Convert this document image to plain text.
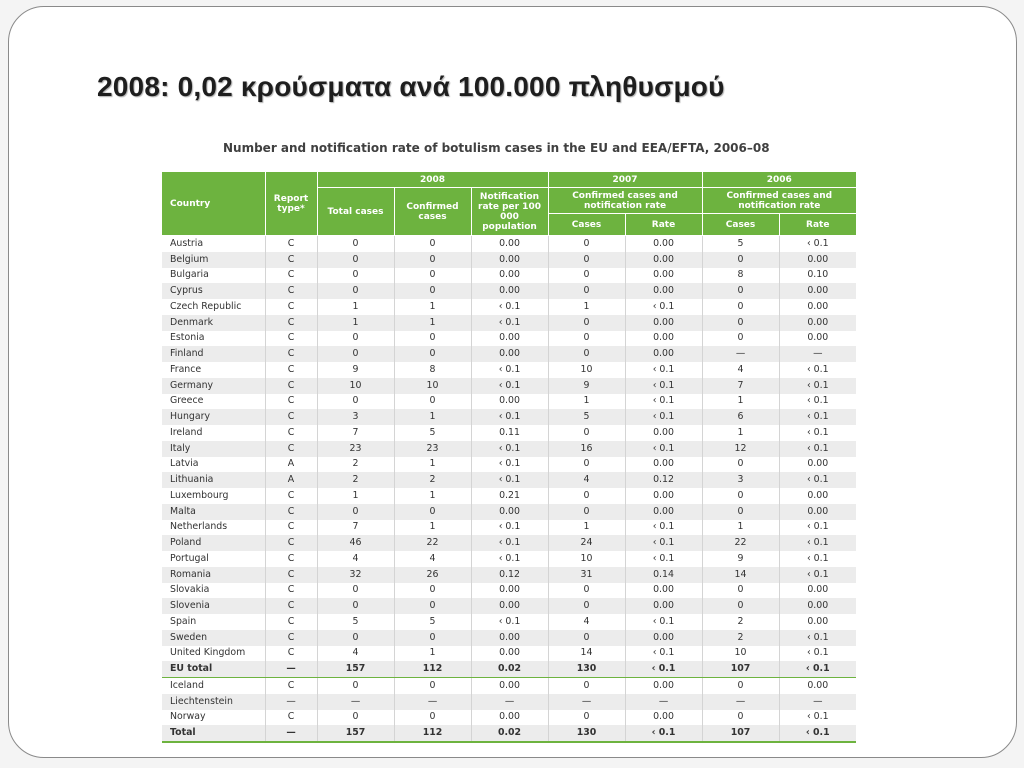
2008: 0,02 κρούσματα ανά 100.000 πληθυσμού

Number and notification rate of botulism cases in the EU and EEA/EFTA, 2006–08

Country	Report type*	2008			2007		2006	
		Total cases	Confirmed cases	Notification rate per 100 000 population	Confirmed cases and notification rate		Confirmed cases and notification rate	
					Cases	Rate	Cases	Rate
Austria	C	0	0	0.00	0	0.00	5	‹ 0.1
Belgium	C	0	0	0.00	0	0.00	0	0.00
Bulgaria	C	0	0	0.00	0	0.00	8	0.10
Cyprus	C	0	0	0.00	0	0.00	0	0.00
Czech Republic	C	1	1	‹ 0.1	1	‹ 0.1	0	0.00
Denmark	C	1	1	‹ 0.1	0	0.00	0	0.00
Estonia	C	0	0	0.00	0	0.00	0	0.00
Finland	C	0	0	0.00	0	0.00	—	—
France	C	9	8	‹ 0.1	10	‹ 0.1	4	‹ 0.1
Germany	C	10	10	‹ 0.1	9	‹ 0.1	7	‹ 0.1
Greece	C	0	0	0.00	1	‹ 0.1	1	‹ 0.1
Hungary	C	3	1	‹ 0.1	5	‹ 0.1	6	‹ 0.1
Ireland	C	7	5	0.11	0	0.00	1	‹ 0.1
Italy	C	23	23	‹ 0.1	16	‹ 0.1	12	‹ 0.1
Latvia	A	2	1	‹ 0.1	0	0.00	0	0.00
Lithuania	A	2	2	‹ 0.1	4	0.12	3	‹ 0.1
Luxembourg	C	1	1	0.21	0	0.00	0	0.00
Malta	C	0	0	0.00	0	0.00	0	0.00
Netherlands	C	7	1	‹ 0.1	1	‹ 0.1	1	‹ 0.1
Poland	C	46	22	‹ 0.1	24	‹ 0.1	22	‹ 0.1
Portugal	C	4	4	‹ 0.1	10	‹ 0.1	9	‹ 0.1
Romania	C	32	26	0.12	31	0.14	14	‹ 0.1
Slovakia	C	0	0	0.00	0	0.00	0	0.00
Slovenia	C	0	0	0.00	0	0.00	0	0.00
Spain	C	5	5	‹ 0.1	4	‹ 0.1	2	0.00
Sweden	C	0	0	0.00	0	0.00	2	‹ 0.1
United Kingdom	C	4	1	0.00	14	‹ 0.1	10	‹ 0.1
EU total	—	157	112	0.02	130	‹ 0.1	107	‹ 0.1
Iceland	C	0	0	0.00	0	0.00	0	0.00
Liechtenstein	—	—	—	—	—	—	—	—
Norway	C	0	0	0.00	0	0.00	0	‹ 0.1
Total	—	157	112	0.02	130	‹ 0.1	107	‹ 0.1
